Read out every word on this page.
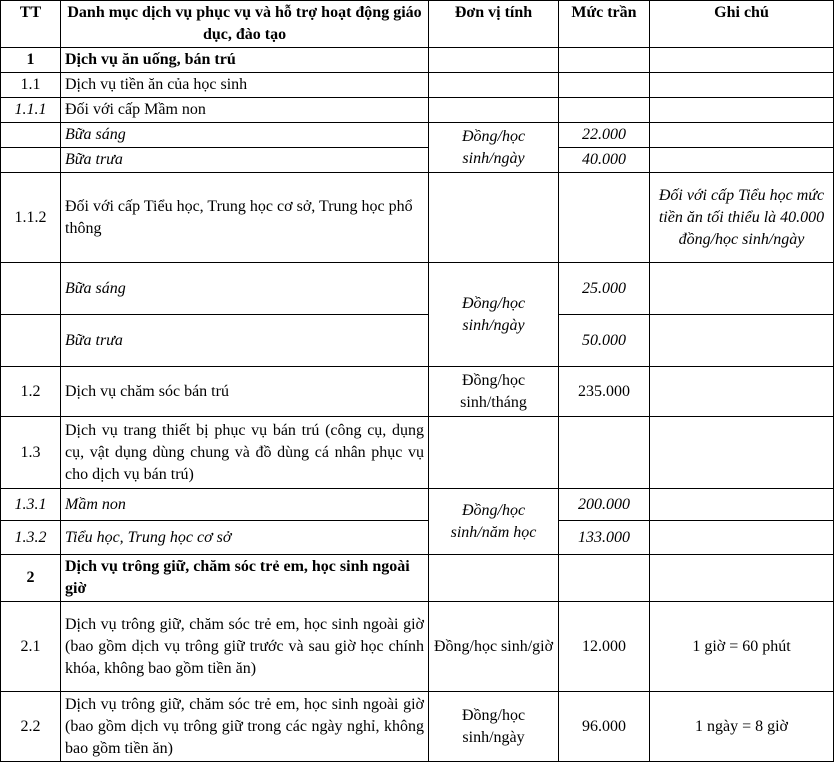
TT	Danh mục dịch vụ phục vụ và hỗ trợ hoạt động giáo dục, đào tạo	Đơn vị tính	Mức trần	Ghi chú
1	Dịch vụ ăn uống, bán trú			
1.1	Dịch vụ tiền ăn của học sinh			
1.1.1	Đối với cấp Mầm non			
	Bữa sáng	Đồng/học sinh/ngày	22.000	
	Bữa trưa		40.000	
1.1.2	Đối với cấp Tiểu học, Trung học cơ sở, Trung học phổ thông			Đối với cấp Tiểu học mức tiền ăn tối thiểu là 40.000 đồng/học sinh/ngày
	Bữa sáng	Đồng/học sinh/ngày	25.000	
	Bữa trưa		50.000	
1.2	Dịch vụ chăm sóc bán trú	Đồng/học sinh/tháng	235.000	
1.3	Dịch vụ trang thiết bị phục vụ bán trú (công cụ, dụng cụ, vật dụng dùng chung và đồ dùng cá nhân phục vụ cho dịch vụ bán trú)			
1.3.1	Mầm non	Đồng/học sinh/năm học	200.000	
1.3.2	Tiểu học, Trung học cơ sở		133.000	
2	Dịch vụ trông giữ, chăm sóc trẻ em, học sinh ngoài giờ			
2.1	Dịch vụ trông giữ, chăm sóc trẻ em, học sinh ngoài giờ (bao gồm dịch vụ trông giữ trước và sau giờ học chính khóa, không bao gồm tiền ăn)	Đồng/học sinh/giờ	12.000	1 giờ = 60 phút
2.2	Dịch vụ trông giữ, chăm sóc trẻ em, học sinh ngoài giờ (bao gồm dịch vụ trông giữ trong các ngày nghỉ, không bao gồm tiền ăn)	Đồng/học sinh/ngày	96.000	1 ngày = 8 giờ
